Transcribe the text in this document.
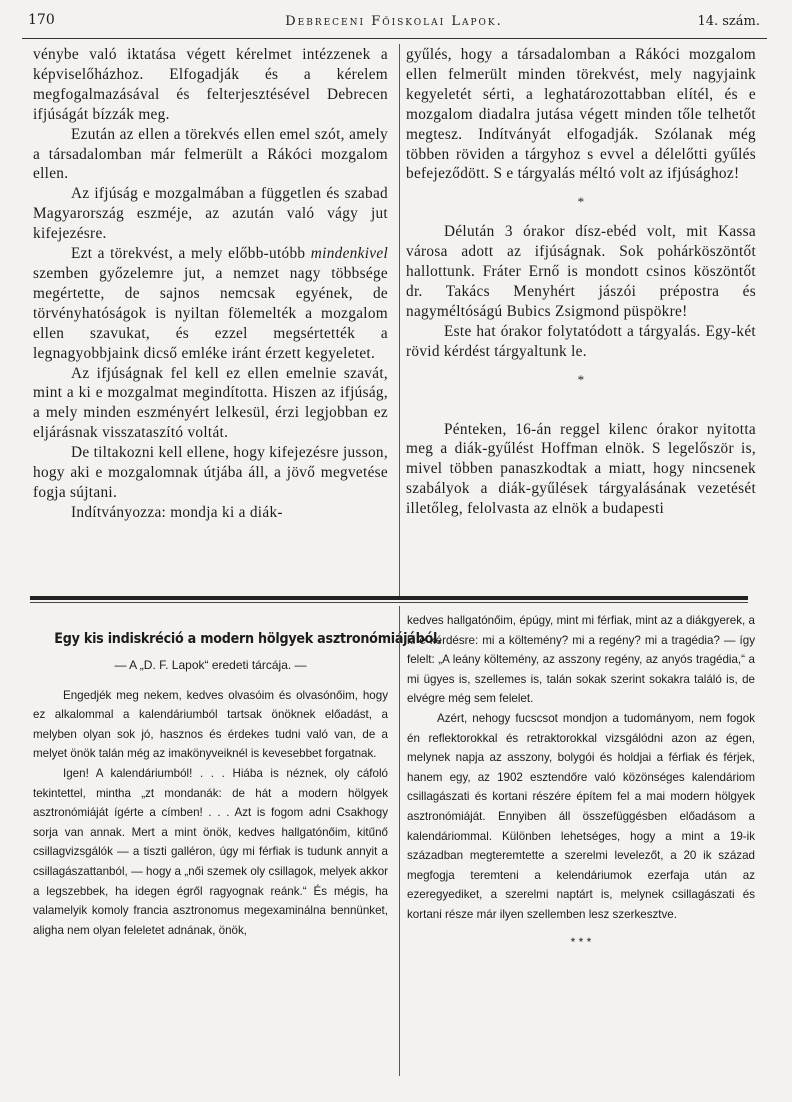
170	Debreceni Főiskolai Lapok.	14. szám.

vénybe való iktatása végett kérelmet intézzenek a képviselőházhoz. Elfogadják és a kérelem megfogalmazásával és felterjesztésével Debrecen ifjúságát bízzák meg.

Ezután az ellen a törekvés ellen emel szót, amely a társadalomban már felmerült a Rákóci mozgalom ellen.

Az ifjúság e mozgalmában a független és szabad Magyarország eszméje, az azután való vágy jut kifejezésre.

Ezt a törekvést, a mely előbb-utóbb mindenkivel szemben győzelemre jut, a nemzet nagy többsége megértette, de sajnos nemcsak egyének, de törvényhatóságok is nyiltan fölemelték a mozgalom ellen szavukat, és ezzel megsértették a legnagyobbjaink dicső emléke iránt érzett kegyeletet.

Az ifjúságnak fel kell ez ellen emelnie szavát, mint a ki e mozgalmat megindította. Hiszen az ifjúság, a mely minden eszményért lelkesül, érzi legjobban ez eljárásnak visszataszító voltát.

De tiltakozni kell ellene, hogy kifejezésre jusson, hogy aki e mozgalomnak útjába áll, a jövő megvetése fogja sújtani.

Indítványozza: mondja ki a diák-

gyűlés, hogy a társadalomban a Rákóci mozgalom ellen felmerült minden törekvést, mely nagyjaink kegyeletét sérti, a leghatározottabban elítél, és e mozgalom diadalra jutása végett minden tőle telhetőt megtesz. Indítványát elfogadják. Szólanak még többen röviden a tárgyhoz s evvel a délelőtti gyűlés befejeződött. S e tárgyalás méltó volt az ifjúsághoz!

*

Délután 3 órakor dísz-ebéd volt, mit Kassa városa adott az ifjúságnak. Sok pohárköszöntőt hallottunk. Fráter Ernő is mondott csinos köszöntőt dr. Takács Menyhért jászói prépostra és nagyméltóságú Bubics Zsigmond püspökre!

Este hat órakor folytatódott a tárgyalás. Egy-két rövid kérdést tárgyaltunk le.

*

Pénteken, 16-án reggel kilenc órakor nyitotta meg a diák-gyűlést Hoffman elnök. S legelőször is, mivel többen panaszkodtak a miatt, hogy nincsenek szabályok a diák-gyűlések tárgyalásának vezetését illetőleg, felolvasta az elnök a budapesti

Egy kis indiskréció a modern hölgyek asztronómiájából.
— A „D. F. Lapok“ eredeti tárcája. —

Engedjék meg nekem, kedves olvasóim és olvasónőim, hogy ez alkalommal a kalendáriumból tartsak önöknek előadást, a melyben olyan sok jó, hasznos és érdekes tudni való van, de a melyet önök talán még az imakönyveiknél is kevesebbet forgatnak.

Igen! A kalendáriumból! . . . Hiába is néznek, oly cáfoló tekintettel, mintha „zt mondanák: de hát a modern hölgyek asztronómiáját ígérte a címben! . . . Azt is fogom adni Csakhogy sorja van annak. Mert a mint önök, kedves hallgatónőim, kitűnő csillagvizsgálók — a tiszti galléron, úgy mi férfiak is tudunk annyit a csillagászattanból, — hogy a „női szemek oly csillagok, melyek akkor a legszebbek, ha idegen égről ragyognak reánk.“ És mégis, ha valamelyik komoly francia asztronomus megexaminálna bennünket, aligha nem olyan feleletet adnának, önök,

kedves hallgatónőim, épúgy, mint mi férfiak, mint az a diákgyerek, a ki e kérdésre: mi a költemény? mi a regény? mi a tragédia? — így felelt: „A leány költemény, az asszony regény, az anyós tragédia,“ a mi ügyes is, szellemes is, talán sokak szerint sokakra találó is, de elvégre még sem felelet.

Azért, nehogy fucscsot mondjon a tudományom, nem fogok én reflektorokkal és retraktorokkal vizsgálódni azon az égen, melynek napja az asszony, bolygói és holdjai a férfiak és férjek, hanem egy, az 1902 esztendőre való közönséges kalendáriom csillagászati és kortani részére építem fel a mai modern hölgyek asztronómiáját. Ennyiben áll összefüggésben előadásom a kalendáriommal. Különben lehetséges, hogy a mint a 19-ik században megteremtette a szerelmi levelezőt, a 20 ik század megfogja teremteni a kelendáriumok ezerfaja után az ezeregyediket, a szerelmi naptárt is, melynek csillagászati és kortani része már ilyen szellemben lesz szerkesztve.

* * *
